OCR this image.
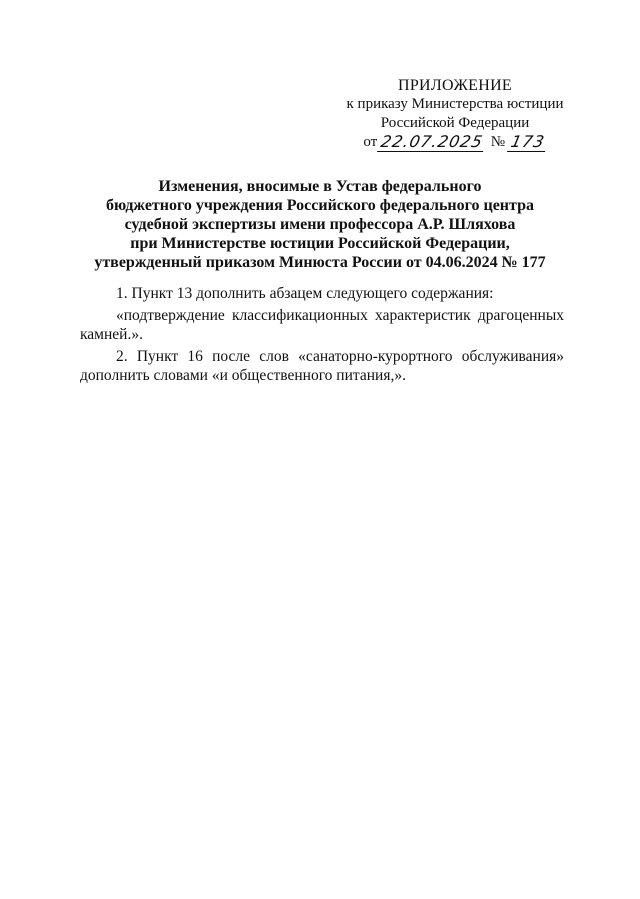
ПРИЛОЖЕНИЕ
к приказу Министерства юстиции
Российской Федерации
от 22.07.2025 № 173
Изменения, вносимые в Устав федерального
бюджетного учреждения Российского федерального центра
судебной экспертизы имени профессора А.Р. Шляхова
при Министерстве юстиции Российской Федерации,
утвержденный приказом Минюста России от 04.06.2024 № 177

1. Пункт 13 дополнить абзацем следующего содержания:

«подтверждение классификационных характеристик драгоценных камней.».

2. Пункт 16 после слов «санаторно-курортного обслуживания» дополнить словами «и общественного питания,».
